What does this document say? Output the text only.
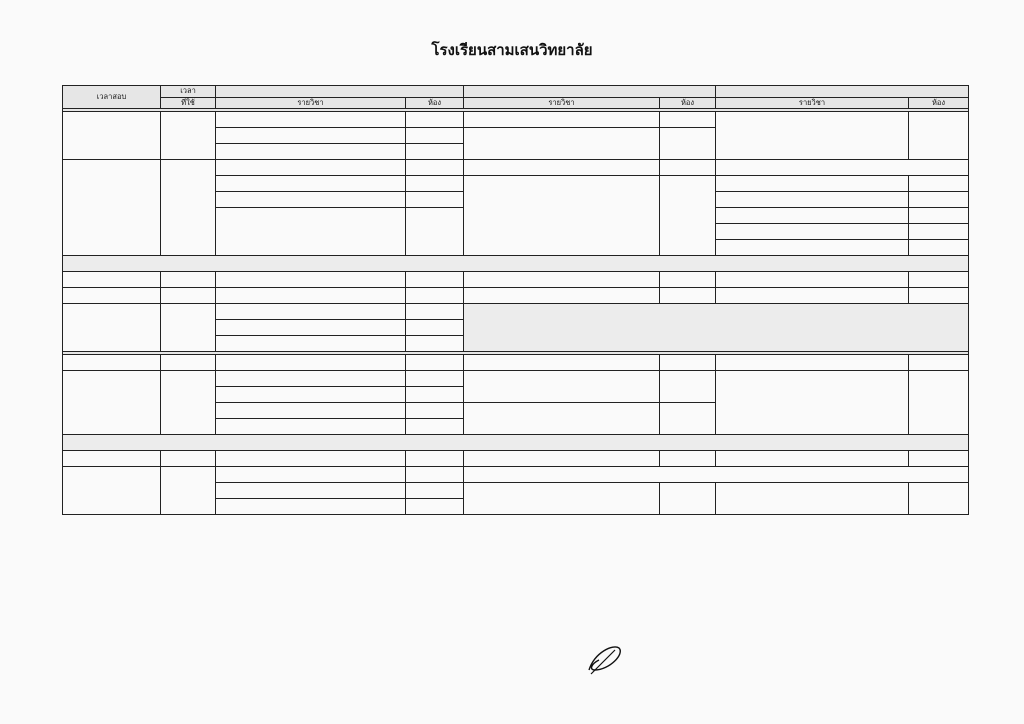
โรงเรียนสามเสนวิทยาลัย
เวลาสอบ	เวลา						
	ที่ใช้	รายวิชา	ห้อง	รายวิชา	ห้อง	รายวิชา	ห้อง
